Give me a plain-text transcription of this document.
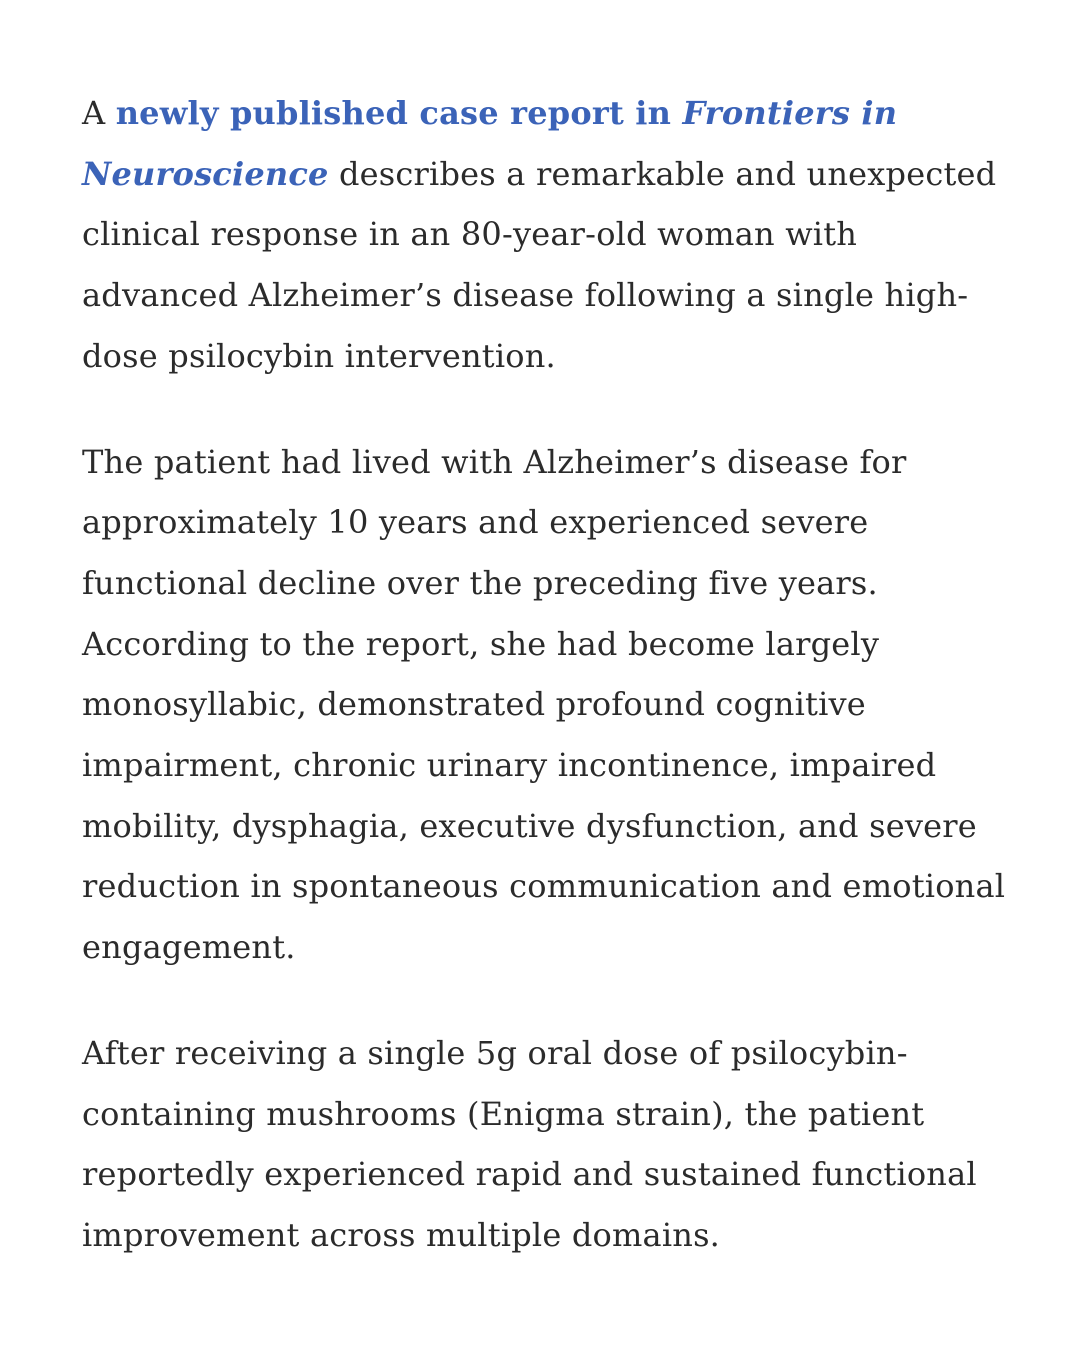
A newly published case report in Frontiers in Neuroscience describes a remarkable and unexpected clinical response in an 80-year-old woman with advanced Alzheimer’s disease following a single high-dose psilocybin intervention.

The patient had lived with Alzheimer’s disease for approximately 10 years and experienced severe functional decline over the preceding five years. According to the report, she had become largely monosyllabic, demonstrated profound cognitive impairment, chronic urinary incontinence, impaired mobility, dysphagia, executive dysfunction, and severe reduction in spontaneous communication and emotional engagement.

After receiving a single 5g oral dose of psilocybin-containing mushrooms (Enigma strain), the patient reportedly experienced rapid and sustained functional improvement across multiple domains.
